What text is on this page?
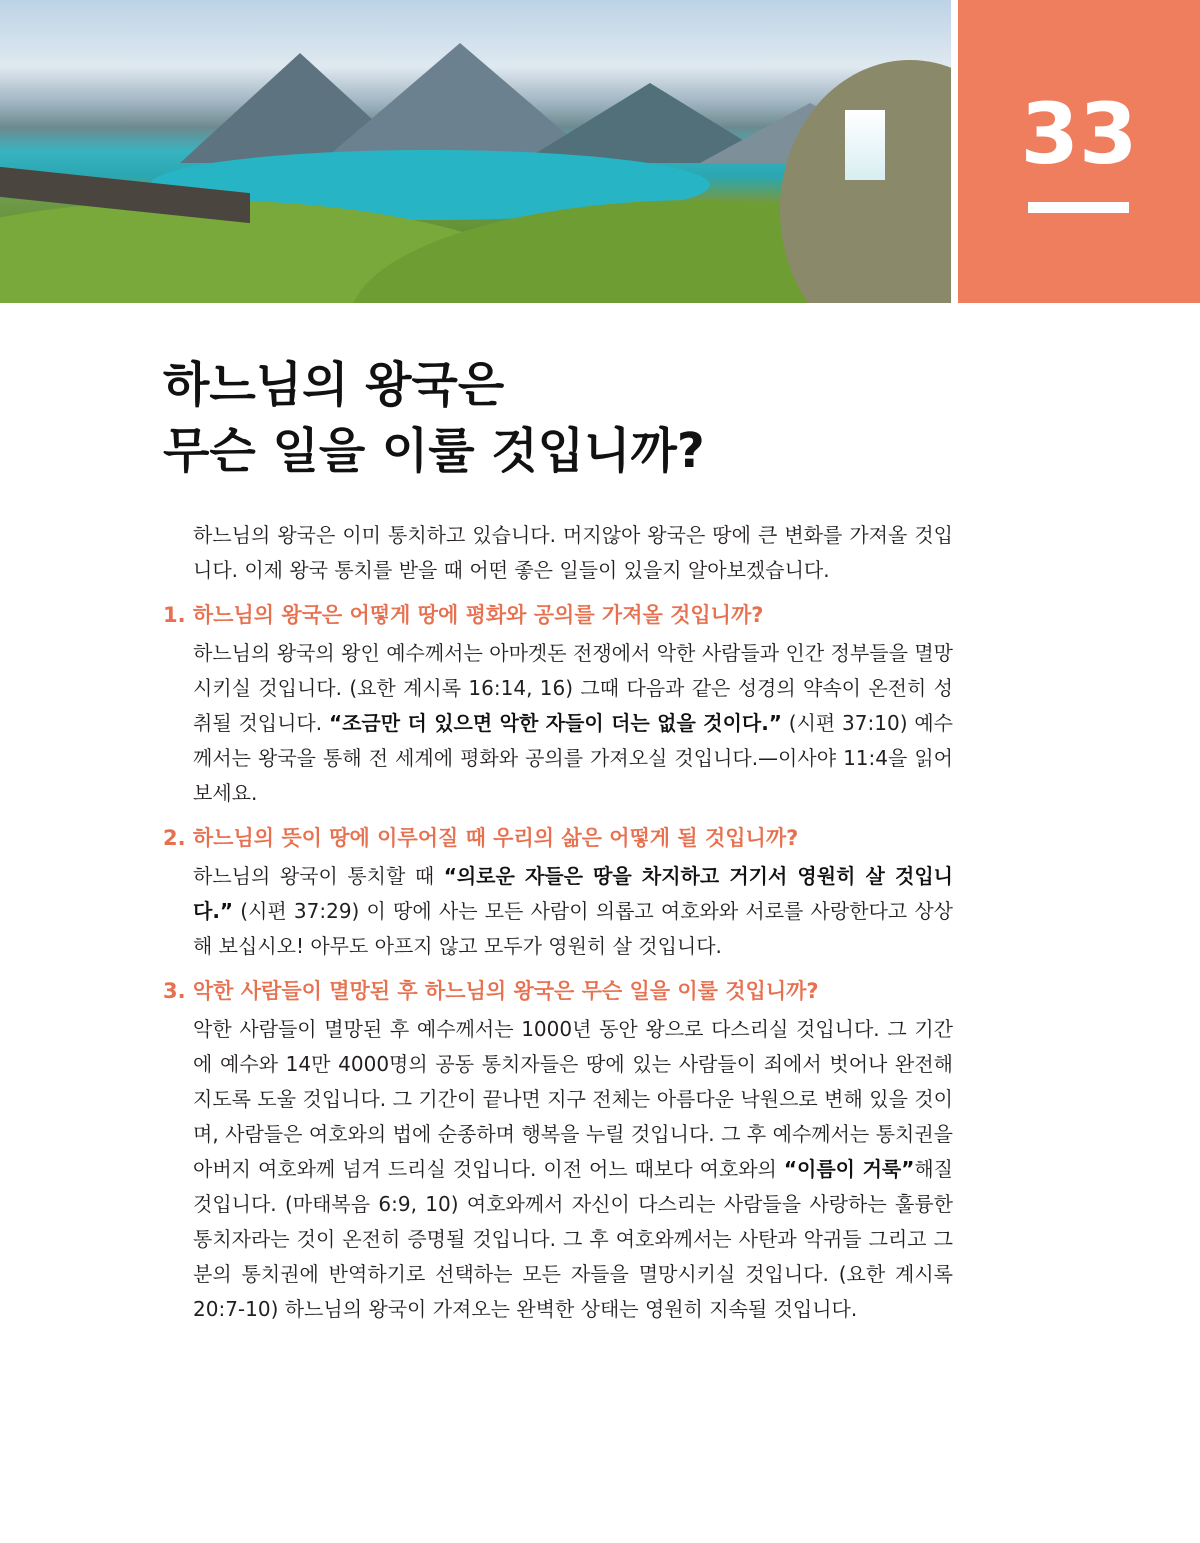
33
하느님의 왕국은
무슨 일을 이룰 것입니까?

하느님의 왕국은 이미 통치하고 있습니다. 머지않아 왕국은 땅에 큰 변화를 가져올 것입니다. 이제 왕국 통치를 받을 때 어떤 좋은 일들이 있을지 알아보겠습니다.

1. 하느님의 왕국은 어떻게 땅에 평화와 공의를 가져올 것입니까?

하느님의 왕국의 왕인 예수께서는 아마겟돈 전쟁에서 악한 사람들과 인간 정부들을 멸망시키실 것입니다. (요한 계시록 16:14, 16) 그때 다음과 같은 성경의 약속이 온전히 성취될 것입니다. “조금만 더 있으면 악한 자들이 더는 없을 것이다.” (시편 37:10) 예수께서는 왕국을 통해 전 세계에 평화와 공의를 가져오실 것입니다.—이사야 11:4을 읽어 보세요.

2. 하느님의 뜻이 땅에 이루어질 때 우리의 삶은 어떻게 될 것입니까?

하느님의 왕국이 통치할 때 “의로운 자들은 땅을 차지하고 거기서 영원히 살 것입니다.” (시편 37:29) 이 땅에 사는 모든 사람이 의롭고 여호와와 서로를 사랑한다고 상상해 보십시오! 아무도 아프지 않고 모두가 영원히 살 것입니다.

3. 악한 사람들이 멸망된 후 하느님의 왕국은 무슨 일을 이룰 것입니까?

악한 사람들이 멸망된 후 예수께서는 1000년 동안 왕으로 다스리실 것입니다. 그 기간에 예수와 14만 4000명의 공동 통치자들은 땅에 있는 사람들이 죄에서 벗어나 완전해지도록 도울 것입니다. 그 기간이 끝나면 지구 전체는 아름다운 낙원으로 변해 있을 것이며, 사람들은 여호와의 법에 순종하며 행복을 누릴 것입니다. 그 후 예수께서는 통치권을 아버지 여호와께 넘겨 드리실 것입니다. 이전 어느 때보다 여호와의 “이름이 거룩”해질 것입니다. (마태복음 6:9, 10) 여호와께서 자신이 다스리는 사람들을 사랑하는 훌륭한 통치자라는 것이 온전히 증명될 것입니다. 그 후 여호와께서는 사탄과 악귀들 그리고 그분의 통치권에 반역하기로 선택하는 모든 자들을 멸망시키실 것입니다. (요한 계시록 20:7-10) 하느님의 왕국이 가져오는 완벽한 상태는 영원히 지속될 것입니다.
